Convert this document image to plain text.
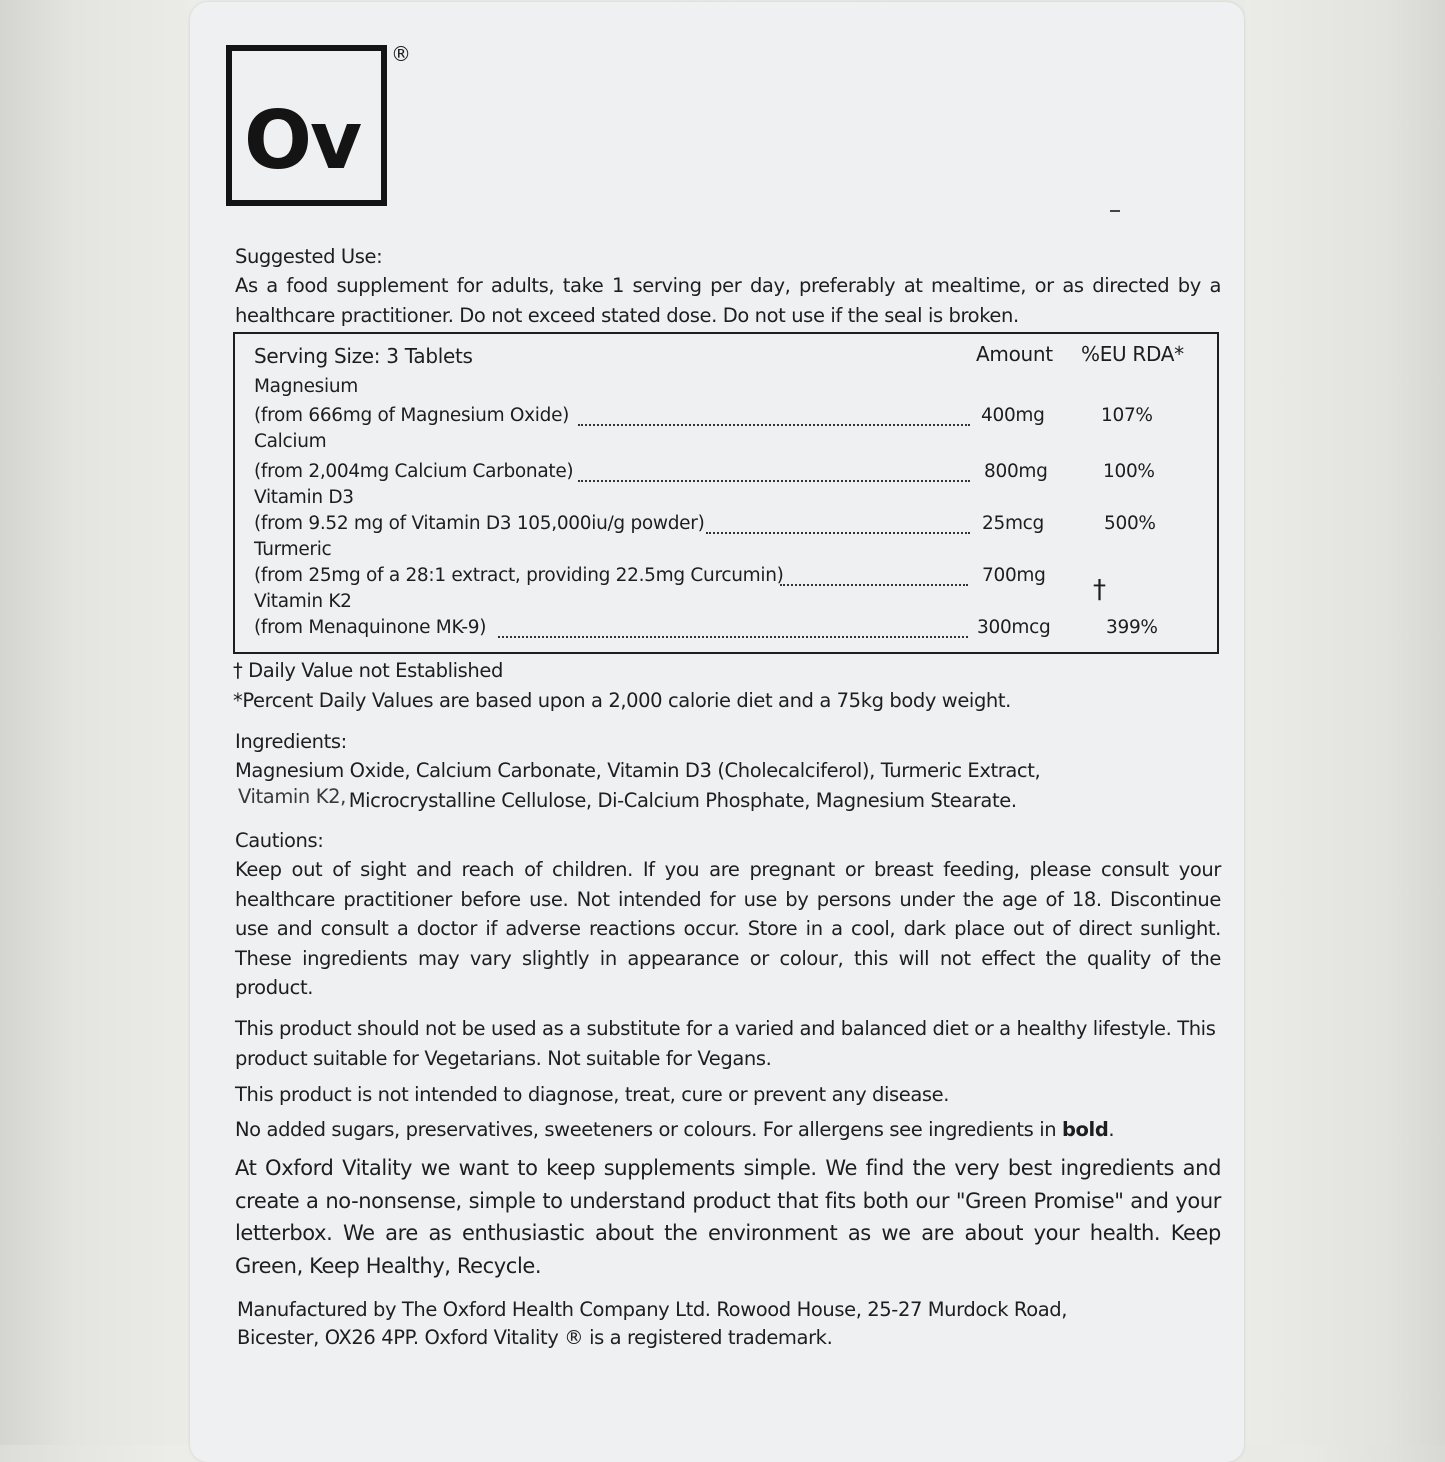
Ov
®
Suggested Use:
As a food supplement for adults, take 1 serving per day, preferably at mealtime, or as directed by a healthcare practitioner. Do not exceed stated dose. Do not use if the seal is broken.
Serving Size: 3 Tablets	Amount %EU RDA*
Magnesium
(from 666mg of Magnesium Oxide)	400mg	107%
Calcium
(from 2,004mg Calcium Carbonate)	800mg	100%
Vitamin D3
(from 9.52 mg of Vitamin D3 105,000iu/g powder)	25mcg	500%
Turmeric
(from 25mg of a 28:1 extract, providing 22.5mg Curcumin)	700mg †
Vitamin K2
(from Menaquinone MK-9)	300mcg	399%
† Daily Value not Established
*Percent Daily Values are based upon a 2,000 calorie diet and a 75kg body weight.
Ingredients:
Magnesium Oxide, Calcium Carbonate, Vitamin D3 (Cholecalciferol), Turmeric Extract,
Vitamin K2, Microcrystalline Cellulose, Di-Calcium Phosphate, Magnesium Stearate.
Cautions:
Keep out of sight and reach of children. If you are pregnant or breast feeding, please consult your healthcare practitioner before use. Not intended for use by persons under the age of 18. Discontinue use and consult a doctor if adverse reactions occur. Store in a cool, dark place out of direct sunlight. These ingredients may vary slightly in appearance or colour, this will not effect the quality of the product.
This product should not be used as a substitute for a varied and balanced diet or a healthy lifestyle. This product suitable for Vegetarians. Not suitable for Vegans.
This product is not intended to diagnose, treat, cure or prevent any disease.
No added sugars, preservatives, sweeteners or colours. For allergens see ingredients in bold.
At Oxford Vitality we want to keep supplements simple. We find the very best ingredients and create a no-nonsense, simple to understand product that fits both our "Green Promise" and your letterbox. We are as enthusiastic about the environment as we are about your health. Keep Green, Keep Healthy, Recycle.
Manufactured by The Oxford Health Company Ltd. Rowood House, 25-27 Murdock Road,
Bicester, OX26 4PP. Oxford Vitality ® is a registered trademark.
